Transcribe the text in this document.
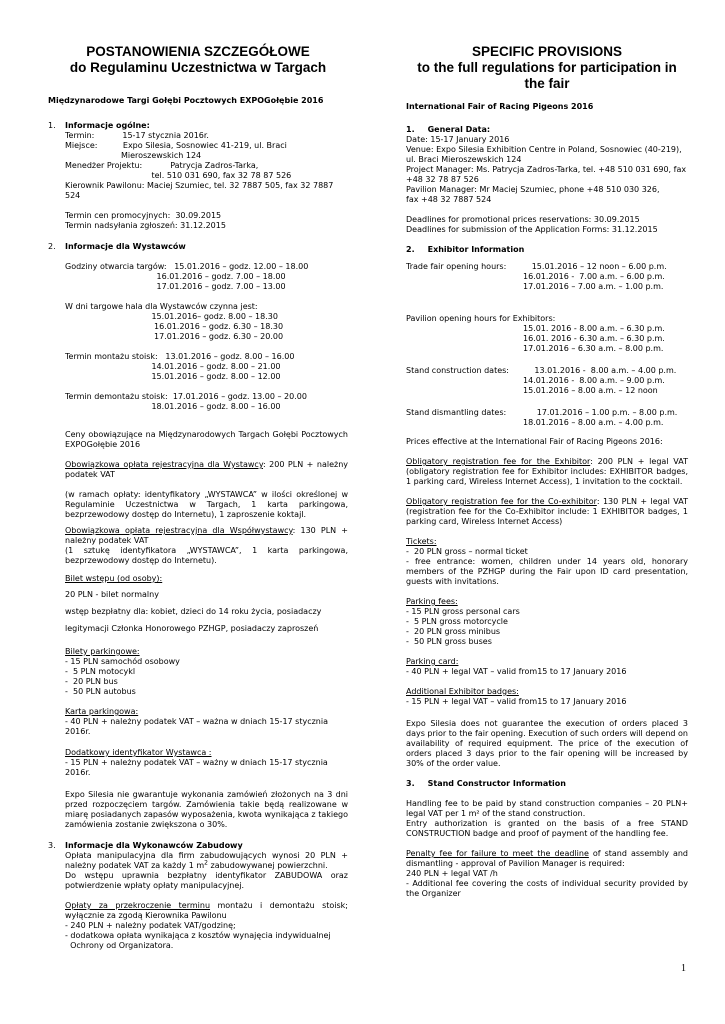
POSTANOWIENIA SZCZEGÓŁOWE

do Regulaminu Uczestnictwa w Targach

Międzynarodowe Targi Gołębi Pocztowych EXPOGołębie 2016

1.	Informacje ogólne:

Termin:           15-17 stycznia 2016r.
Miejsce:          Expo Silesia, Sosnowiec 41-219, ul. Braci
Mieroszewskich 124
Menedżer Projektu:           Patrycja Zadros-Tarka,
tel. 510 031 690, fax 32 78 87 526
Kierownik Pawilonu: Maciej Szumiec, tel. 32 7887 505, fax 32 7887 524

Termin cen promocyjnych:  30.09.2015
Termin nadsyłania zgłoszeń: 31.12.2015
2.	Informacje dla Wystawców

Godziny otwarcia targów:   15.01.2016 – godz. 12.00 – 18.00
16.01.2016 – godz. 7.00 – 18.00
17.01.2016 – godz. 7.00 – 13.00
W dni targowe hala dla Wystawców czynna jest:
15.01.2016– godz. 8.00 – 18.30
16.01.2016 – godz. 6.30 – 18.30
17.01.2016 – godz. 6.30 – 20.00
Termin montażu stoisk:   13.01.2016 – godz. 8.00 – 16.00
14.01.2016 – godz. 8.00 – 21.00
15.01.2016 – godz. 8.00 – 12.00
Termin demontażu stoisk:  17.01.2016 – godz. 13.00 – 20.00
18.01.2016 – godz. 8.00 – 16.00
Ceny obowiązujące na Międzynarodowych Targach Gołębi Pocztowych EXPOGołębie 2016
Obowiązkowa opłata rejestracyjna dla Wystawcy: 200 PLN + należny podatek VAT
(w ramach opłaty: identyfikatory „WYSTAWCA” w ilości określonej w Regulaminie Uczestnictwa w Targach, 1 karta parkingowa, bezprzewodowy dostęp do Internetu), 1 zaproszenie koktajl.
Obowiązkowa opłata rejestracyjna dla Współwystawcy: 130 PLN + należny podatek VAT
(1 sztukę identyfikatora „WYSTAWCA”, 1 karta parkingowa, bezprzewodowy dostęp do Internetu).
Bilet wstępu (od osoby):
20 PLN - bilet normalny
wstęp bezpłatny dla: kobiet, dzieci do 14 roku życia, posiadaczy
legitymacji Członka Honorowego PZHGP, posiadaczy zaproszeń
Bilety parkingowe:
- 15 PLN samochód osobowy
-  5 PLN motocykl
-  20 PLN bus
-  50 PLN autobus
Karta parkingowa:
- 40 PLN + należny podatek VAT – ważna w dniach 15-17 stycznia 2016r.
Dodatkowy identyfikator Wystawca :
- 15 PLN + należny podatek VAT – ważny w dniach 15-17 stycznia 2016r.
Expo Silesia nie gwarantuje wykonania zamówień złożonych na 3 dni przed rozpoczęciem targów. Zamówienia takie będą realizowane w miarę posiadanych zapasów wyposażenia, kwota wynikająca z takiego zamówienia zostanie zwiększona o 30%.
3.	Informacje dla Wykonawców Zabudowy

Opłata manipulacyjna dla firm zabudowujących wynosi 20 PLN + należny podatek VAT za każdy 1 $m^2$ zabudowywanej powierzchni.
Do wstępu uprawnia bezpłatny identyfikator ZABUDOWA oraz potwierdzenie wpłaty opłaty manipulacyjnej.
Opłaty za przekroczenie terminu montażu i demontażu stoisk; wyłącznie za zgodą Kierownika Pawilonu
- 240 PLN + należny podatek VAT/godzinę;
- dodatkowa opłata wynikająca z kosztów wynajęcia indywidualnej
Ochrony od Organizatora.

SPECIFIC PROVISIONS

to the full regulations for participation in

the fair

International Fair of Racing Pigeons 2016

1. General Data:

Date: 15-17 January 2016
Venue: Expo Silesia Exhibition Centre in Poland, Sosnowiec (40-219),
ul. Braci Mieroszewskich 124
Project Manager: Ms. Patrycja Zadros-Tarka, tel. +48 510 031 690, fax
+48 32 78 87 526
Pavilion Manager: Mr Maciej Szumiec, phone +48 510 030 326,
fax +48 32 7887 524

Deadlines for promotional prices reservations: 30.09.2015
Deadlines for submission of the Application Forms: 31.12.2015

2. Exhibitor Information

Trade fair opening hours:          15.01.2016 – 12 noon – 6.00 p.m.
16.01.2016 -  7.00 a.m. – 6.00 p.m.
17.01.2016 – 7.00 a.m. – 1.00 p.m.
Pavilion opening hours for Exhibitors:
15.01. 2016 - 8.00 a.m. – 6.30 p.m.
16.01. 2016 - 6.30 a.m. – 6.30 p.m.
17.01.2016 – 6.30 a.m. – 8.00 p.m.
Stand construction dates:          13.01.2016 -  8.00 a.m. – 4.00 p.m.
14.01.2016 -  8.00 a.m. – 9.00 p.m.
15.01.2016 – 8.00 a.m. – 12 noon
Stand dismantling dates:            17.01.2016 – 1.00 p.m. – 8.00 p.m.
18.01.2016 – 8.00 a.m. – 4.00 p.m.
Prices effective at the International Fair of Racing Pigeons 2016:
Obligatory registration fee for the Exhibitor: 200 PLN + legal VAT (obligatory registration fee for Exhibitor includes: EXHIBITOR badges, 1 parking card, Wireless Internet Access), 1 invitation to the cocktail.
Obligatory registration fee for the Co-exhibitor: 130 PLN + legal VAT (registration fee for the Co-Exhibitor include: 1 EXHIBITOR badges, 1 parking card, Wireless Internet Access)
Tickets:
-  20 PLN gross – normal ticket
- free entrance: women, children under 14 years old, honorary members of the PZHGP during the Fair upon ID card presentation, guests with invitations.
Parking fees:
- 15 PLN gross personal cars
-  5 PLN gross motorcycle
-  20 PLN gross minibus
-  50 PLN gross buses
Parking card:
- 40 PLN + legal VAT – valid from15 to 17 January 2016
Additional Exhibitor badges:
- 15 PLN + legal VAT – valid from15 to 17 January 2016
Expo Silesia does not guarantee the execution of orders placed 3 days prior to the fair opening. Execution of such orders will depend on availability of required equipment. The price of the execution of orders placed 3 days prior to the fair opening will be increased by 30% of the order value.

3. Stand Constructor Information

Handling fee to be paid by stand construction companies – 20 PLN+ legal VAT per 1 m² of the stand construction.
Entry authorization is granted on the basis of a free STAND CONSTRUCTION badge and proof of payment of the handling fee.
Penalty fee for failure to meet the deadline of stand assembly and dismantling - approval of Pavilion Manager is required:
240 PLN + legal VAT /h
- Additional fee covering the costs of individual security provided by the Organizer
1
